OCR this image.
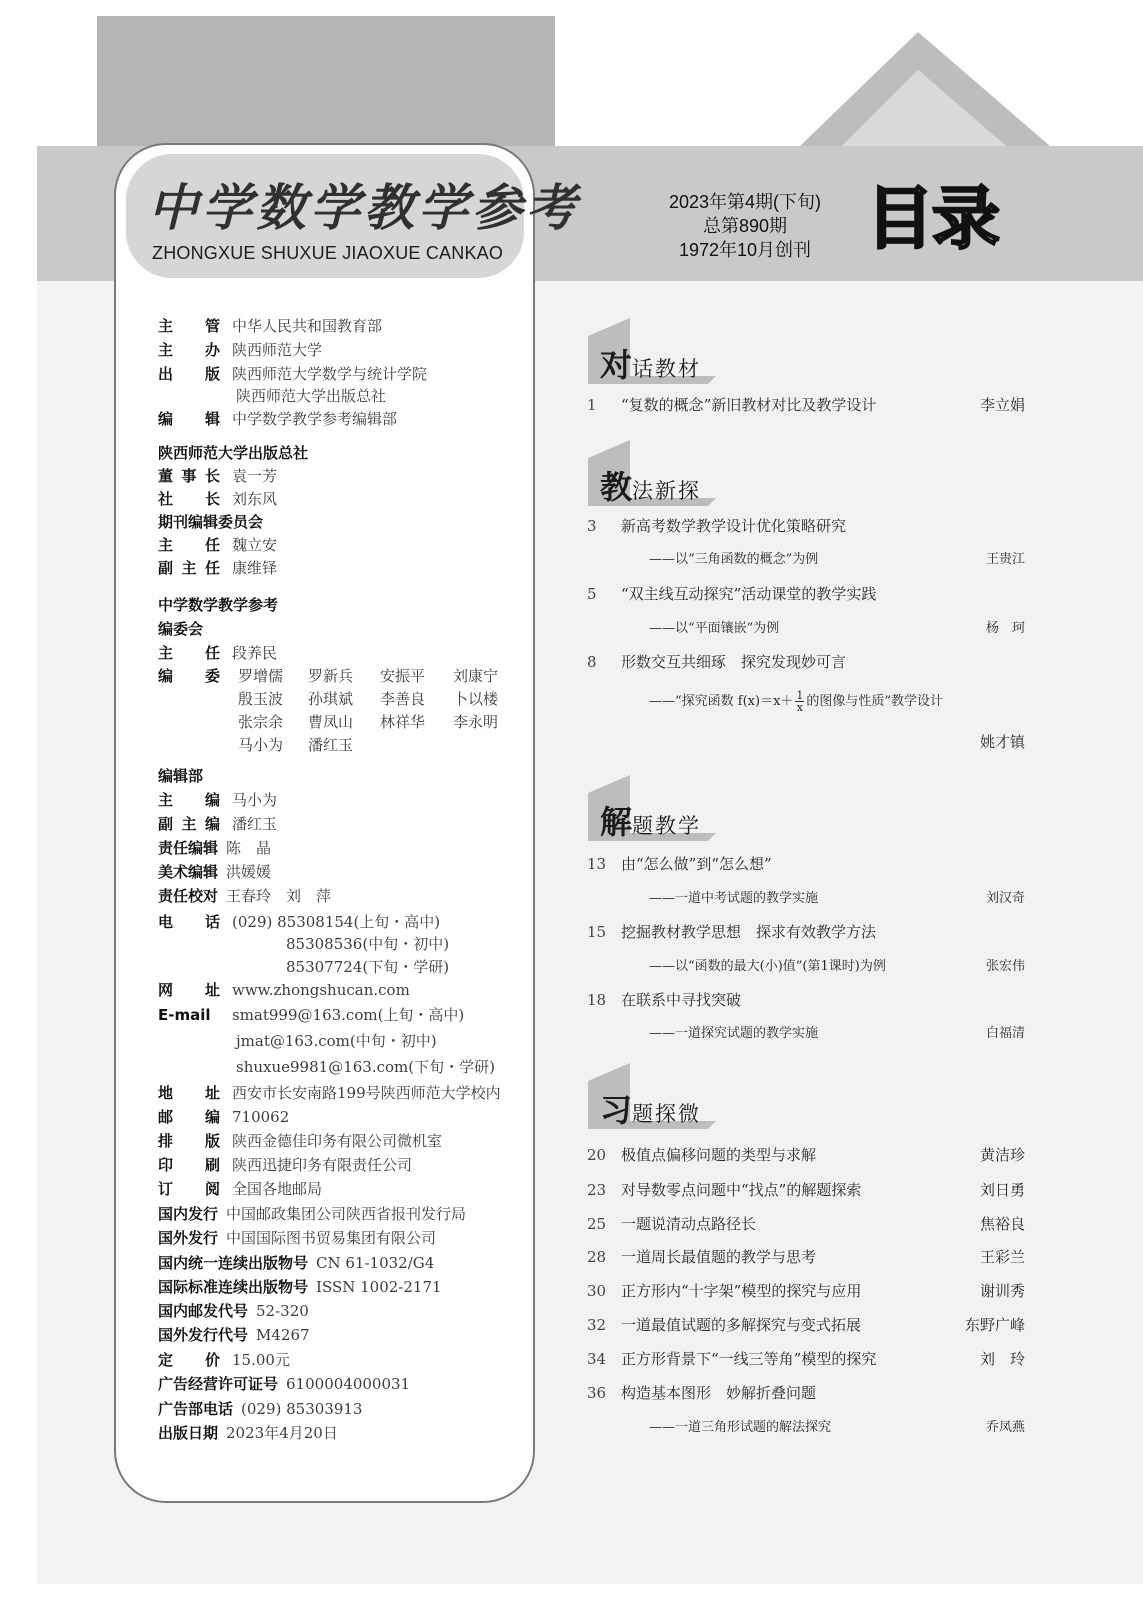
中学数学教学参考
ZHONGXUE SHUXUE JIAOXUE CANKAO
2023年第4期(下旬)
总第890期
1972年10月创刊 目录
主　管 中华人民共和国教育部
主　办 陕西师范大学
出　版 陕西师范大学数学与统计学院
陕西师范大学出版总社
编　辑 中学数学教学参考编辑部
陕西师范大学出版总社
董事长 袁一芳
社　长 刘东风
期刊编辑委员会
主　任 魏立安
副主任 康维铎
中学数学教学参考
编委会
主　任 段养民
编　委	罗增儒 罗新兵 安振平 刘康宁
殷玉波 孙琪斌 李善良 卜以楼
张宗余 曹凤山 林祥华 李永明
马小为 潘红玉
编辑部
主　编 马小为
副主编 潘红玉
责任编辑 陈　晶
美术编辑 洪媛媛
责任校对 王春玲　刘　萍
电　话 (029) 85308154(上旬・高中)
85308536(中旬・初中)
85307724(下旬・学研)
网　址 www.zhongshucan.com
E-mail smat999@163.com(上旬・高中)
jmat@163.com(中旬・初中)
shuxue9981@163.com(下旬・学研)
地　址 西安市长安南路199号陕西师范大学校内
邮　编 710062
排　版 陕西金德佳印务有限公司微机室
印　刷 陕西迅捷印务有限责任公司
订　阅 全国各地邮局
国内发行 中国邮政集团公司陕西省报刊发行局
国外发行 中国国际图书贸易集团有限公司
国内统一连续出版物号 CN 61-1032/G4
国际标准连续出版物号 ISSN 1002-2171
国内邮发代号 52-320
国外发行代号 M4267
定　价 15.00元
广告经营许可证号 6100004000031
广告部电话 (029) 85303913
出版日期 2023年4月20日
对话教材
1 “复数的概念”新旧教材对比及教学设计	李立娟
教法新探
3 新高考数学教学设计优化策略研究
——以“三角函数的概念”为例	王贵江
5 “双主线互动探究”活动课堂的教学实践
——以“平面镶嵌”为例	杨　珂
8 形数交互共细琢　探究发现妙可言
——“探究函数 $f(x)=x+ \frac{1}{x}$ 的图像与性质”教学设计
姚才镇
解题教学
13 由“怎么做”到“怎么想”
——一道中考试题的教学实施	刘汉奇
15 挖掘教材教学思想　探求有效教学方法
——以“函数的最大(小)值”(第1课时)为例	张宏伟
18 在联系中寻找突破
——一道探究试题的教学实施	白福清
习题探微
20 极值点偏移问题的类型与求解	黄洁珍
23 对导数零点问题中“找点”的解题探索	刘日勇
25 一题说清动点路径长	焦裕良
28 一道周长最值题的教学与思考	王彩兰
30 正方形内“十字架”模型的探究与应用	谢训秀
32 一道最值试题的多解探究与变式拓展	东野广峰
34 正方形背景下“一线三等角”模型的探究	刘　玲
36 构造基本图形　妙解折叠问题
——一道三角形试题的解法探究	乔凤燕
